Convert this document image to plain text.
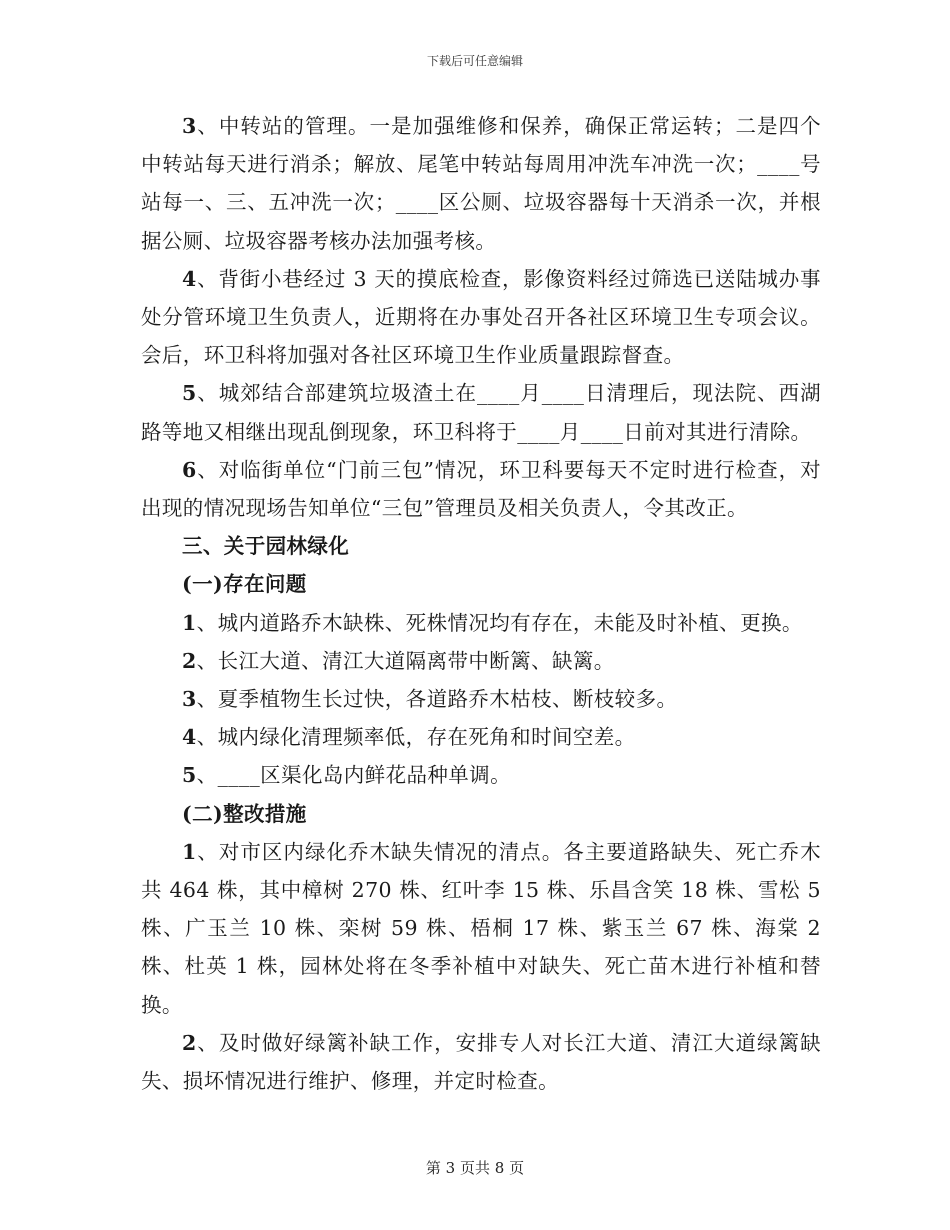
下载后可任意编辑

3、中转站的管理。一是加强维修和保养，确保正常运转；二是四个中转站每天进行消杀；解放、尾笔中转站每周用冲洗车冲洗一次；____号站每一、三、五冲洗一次；____区公厕、垃圾容器每十天消杀一次，并根据公厕、垃圾容器考核办法加强考核。

4、背街小巷经过 3 天的摸底检查，影像资料经过筛选已送陆城办事处分管环境卫生负责人，近期将在办事处召开各社区环境卫生专项会议。会后，环卫科将加强对各社区环境卫生作业质量跟踪督查。

5、城郊结合部建筑垃圾渣土在____月____日清理后，现法院、西湖路等地又相继出现乱倒现象，环卫科将于____月____日前对其进行清除。

6、对临街单位“门前三包”情况，环卫科要每天不定时进行检查，对出现的情况现场告知单位“三包”管理员及相关负责人，令其改正。

三、关于园林绿化

(一)存在问题

1、城内道路乔木缺株、死株情况均有存在，未能及时补植、更换。

2、长江大道、清江大道隔离带中断篱、缺篱。

3、夏季植物生长过快，各道路乔木枯枝、断枝较多。

4、城内绿化清理频率低，存在死角和时间空差。

5、____区渠化岛内鲜花品种单调。

(二)整改措施

1、对市区内绿化乔木缺失情况的清点。各主要道路缺失、死亡乔木共 464 株，其中樟树 270 株、红叶李 15 株、乐昌含笑 18 株、雪松 5 株、广玉兰 10 株、栾树 59 株、梧桐 17 株、紫玉兰 67 株、海棠 2 株、杜英 1 株，园林处将在冬季补植中对缺失、死亡苗木进行补植和替换。

2、及时做好绿篱补缺工作，安排专人对长江大道、清江大道绿篱缺失、损坏情况进行维护、修理，并定时检查。

第 3 页共 8 页
